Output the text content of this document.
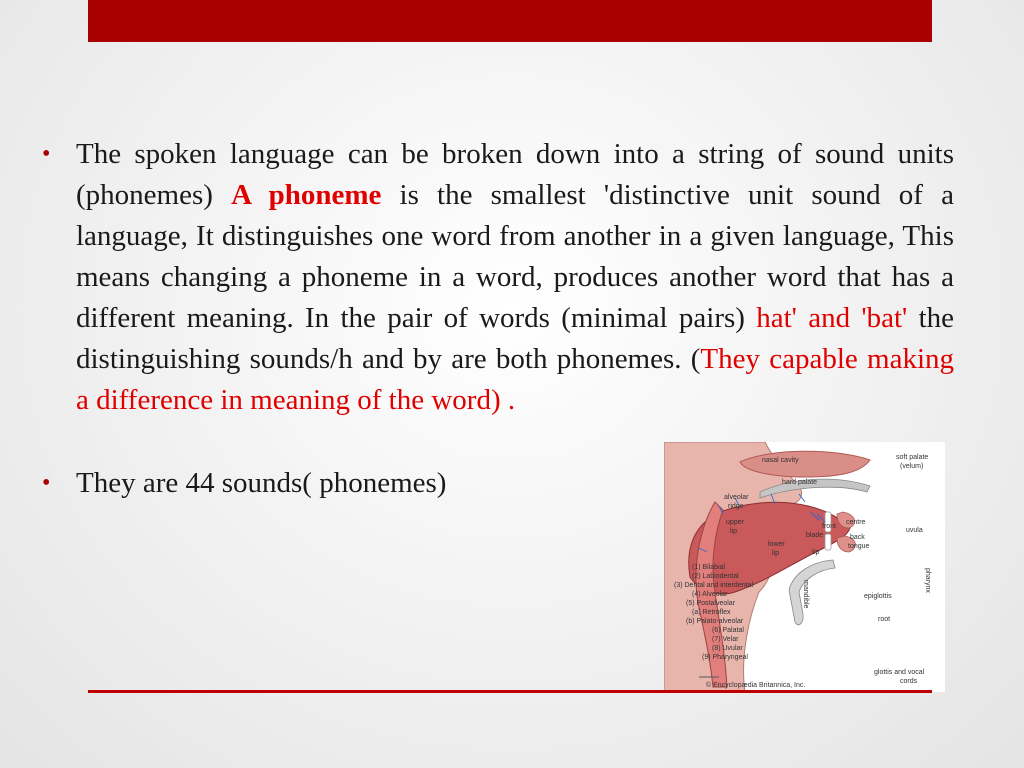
• The spoken language can be broken down into a string of sound units (phonemes) A phoneme is the smallest 'distinctive unit sound of a language, It distinguishes one word from another in a given language, This means changing a phoneme in a word, produces another word that has a different meaning. In the pair of words (minimal pairs) hat' and 'bat' the distinguishing sounds/h and by are both phonemes. (They capable making a difference in meaning of the word) .
• They are 44 sounds( phonemes)
nasal cavity	soft palate
(velum)
hard palate
alveolar
ridge
upper
lip
lower
lip	tip
blade
front
centre
back
tongue
uvula
pharynx
mandible	epiglottis
root
glottis and vocal
cords
© Encyclopædia Britannica, Inc.
(1) Bilabial
(2) Labiodental
(3) Dental and interdental
(4) Alveolar
(5) Postalveolar
(a) Retroflex
(b) Palato-alveolar
(6) Palatal
(7) Velar
(8) Uvular
(9) Pharyngeal
